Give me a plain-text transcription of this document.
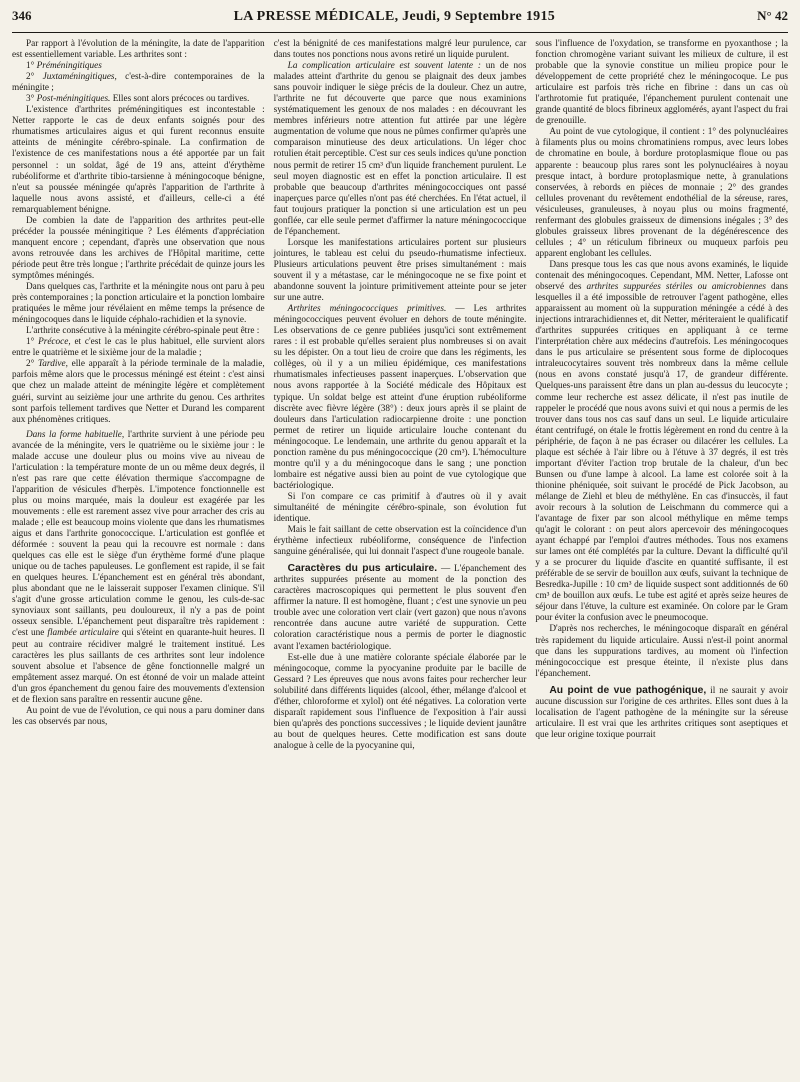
346	LA PRESSE MÉDICALE, Jeudi, 9 Septembre 1915	N° 42

Par rapport à l'évolution de la méningite, la date de l'apparition est essentiellement variable. Les arthrites sont :

1° Préméningitiques
2° Juxtaméningitiques, c'est-à-dire contemporaines de la méningite ;
3° Post-méningitiques. Elles sont alors précoces ou tardives.

L'existence d'arthrites préméningitiques est incontestable : Netter rapporte le cas de deux enfants soignés pour des rhumatismes articulaires aigus et qui furent reconnus ensuite atteints de méningite cérébro-spinale. La confirmation de l'existence de ces manifestations nous a été apportée par un fait personnel : un soldat, âgé de 19 ans, atteint d'érythème rubéoliforme et d'arthrite tibio-tarsienne à méningocoque bénigne, n'eut sa poussée méningée qu'après l'apparition de l'arthrite à laquelle nous avons assisté, et d'ailleurs, celle-ci a été remarquablement bénigne.

De combien la date de l'apparition des arthrites peut-elle précéder la poussée méningitique ? Les éléments d'appréciation manquent encore ; cependant, d'après une observation que nous avons retrouvée dans les archives de l'Hôpital maritime, cette période peut être très longue ; l'arthrite précédait de quinze jours les symptômes méningés.

Dans quelques cas, l'arthrite et la méningite nous ont paru à peu près contemporaines ; la ponction articulaire et la ponction lombaire pratiquées le même jour révélaient en même temps la présence de méningocoques dans le liquide céphalo-rachidien et la synovie.

L'arthrite consécutive à la méningite cérébro-spinale peut être :

1° Précoce, et c'est le cas le plus habituel, elle survient alors entre le quatrième et le sixième jour de la maladie ;
2° Tardive, elle apparaît à la période terminale de la maladie, parfois même alors que le processus méningé est éteint : c'est ainsi que chez un malade atteint de méningite légère et complètement guéri, survint au seizième jour une arthrite du genou. Ces arthrites sont parfois tellement tardives que Netter et Durand les comparent aux phénomènes critiques.

Dans la forme habituelle, l'arthrite survient à une période peu avancée de la méningite, vers le quatrième ou le sixième jour : le malade accuse une douleur plus ou moins vive au niveau de l'articulation : la température monte de un ou même deux degrés, il n'est pas rare que cette élévation thermique s'accompagne de l'apparition de vésicules d'herpès. L'impotence fonctionnelle est plus ou moins marquée, mais la douleur est exagérée par les mouvements : elle est rarement assez vive pour arracher des cris au malade ; elle est beaucoup moins violente que dans les rhumatismes aigus et dans l'arthrite gonococcique. L'articulation est gonflée et déformée : souvent la peau qui la recouvre est normale : dans quelques cas elle est le siège d'un érythème formé d'une plaque unique ou de taches papuleuses. Le gonflement est rapide, il se fait en quelques heures. L'épanchement est en général très abondant, plus abondant que ne le laisserait supposer l'examen clinique. S'il s'agit d'une grosse articulation comme le genou, les culs-de-sac synoviaux sont saillants, peu douloureux, il n'y a pas de point osseux sensible. L'épanchement peut disparaître très rapidement : c'est une flambée articulaire qui s'éteint en quarante-huit heures. Il peut au contraire récidiver malgré le traitement institué. Les caractères les plus saillants de ces arthrites sont leur indolence souvent absolue et l'absence de gêne fonctionnelle malgré un empâtement assez marqué. On est étonné de voir un malade atteint d'un gros épanchement du genou faire des mouvements d'extension et de flexion sans paraître en ressentir aucune gêne.

Au point de vue de l'évolution, ce qui nous a paru dominer dans les cas observés par nous,

c'est la bénignité de ces manifestations malgré leur purulence, car dans toutes nos ponctions nous avons retiré un liquide purulent.

La complication articulaire est souvent latente : un de nos malades atteint d'arthrite du genou se plaignait des deux jambes sans pouvoir indiquer le siège précis de la douleur. Chez un autre, l'arthrite ne fut découverte que parce que nous examinions systématiquement les genoux de nos malades : en découvrant les membres inférieurs notre attention fut attirée par une légère augmentation de volume que nous ne pûmes confirmer qu'après une comparaison minutieuse des deux articulations. Un léger choc rotulien était perceptible. C'est sur ces seuls indices qu'une ponction nous permit de retirer 15 cm³ d'un liquide franchement purulent. Le seul moyen diagnostic est en effet la ponction articulaire. Il est probable que beaucoup d'arthrites méningococciques ont passé inaperçues parce qu'elles n'ont pas été cherchées. En l'état actuel, il faut toujours pratiquer la ponction si une articulation est un peu gonflée, car elle seule permet d'affirmer la nature méningococcique de l'épanchement.

Lorsque les manifestations articulaires portent sur plusieurs jointures, le tableau est celui du pseudo-rhumatisme infectieux. Plusieurs articulations peuvent être prises simultanément : mais souvent il y a métastase, car le méningocoque ne se fixe point et abandonne souvent la jointure primitivement atteinte pour se jeter sur une autre.

Arthrites méningococciques primitives. — Les arthrites méningococciques peuvent évoluer en dehors de toute méningite. Les observations de ce genre publiées jusqu'ici sont extrêmement rares : il est probable qu'elles seraient plus nombreuses si on avait su les dépister. On a tout lieu de croire que dans les régiments, les collèges, où il y a un milieu épidémique, ces manifestations rhumatismales infectieuses passent inaperçues. L'observation que nous avons rapportée à la Société médicale des Hôpitaux est typique. Un soldat belge est atteint d'une éruption rubéoliforme discrète avec fièvre légère (38°) : deux jours après il se plaint de douleurs dans l'articulation radiocarpienne droite : une ponction permet de retirer un liquide articulaire louche contenant du méningocoque. Le lendemain, une arthrite du genou apparaît et la ponction ramène du pus méningococcique (20 cm³). L'hémoculture montre qu'il y a du méningocoque dans le sang ; une ponction lombaire est négative aussi bien au point de vue cytologique que bactériologique.

Si l'on compare ce cas primitif à d'autres où il y avait simultanéité de méningite cérébro-spinale, son évolution fut identique.

Mais le fait saillant de cette observation est la coïncidence d'un érythème infectieux rubéoliforme, conséquence de l'infection sanguine généralisée, qui lui donnait l'aspect d'une rougeole banale.

Caractères du pus articulaire. — L'épanchement des arthrites suppurées présente au moment de la ponction des caractères macroscopiques qui permettent le plus souvent d'en affirmer la nature. Il est homogène, fluant ; c'est une synovie un peu trouble avec une coloration vert clair (vert gazon) que nous n'avons rencontrée dans aucune autre variété de suppuration. Cette coloration caractéristique nous a permis de porter le diagnostic avant l'examen bactériologique.

Est-elle due à une matière colorante spéciale élaborée par le méningocoque, comme la pyocyanine produite par le bacille de Gessard ? Les épreuves que nous avons faites pour rechercher leur solubilité dans différents liquides (alcool, éther, mélange d'alcool et d'éther, chloroforme et xylol) ont été négatives. La coloration verte disparaît rapidement sous l'influence de l'exposition à l'air aussi bien qu'après des ponctions successives ; le liquide devient jaunâtre au bout de quelques heures. Cette modification est sans doute analogue à celle de la pyocyanine qui,

sous l'influence de l'oxydation, se transforme en pyoxanthose ; la fonction chromogène variant suivant les milieux de culture, il est probable que la synovie constitue un milieu propice pour le développement de cette propriété chez le méningocoque. Le pus articulaire est parfois très riche en fibrine : dans un cas où l'arthrotomie fut pratiquée, l'épanchement purulent contenait une grande quantité de blocs fibrineux agglomérés, ayant l'aspect du frai de grenouille.

Au point de vue cytologique, il contient : 1° des polynucléaires à filaments plus ou moins chromatiniens rompus, avec leurs lobes de chromatine en boule, à bordure protoplasmique floue ou pas apparente : beaucoup plus rares sont les polynucléaires à noyau presque intact, à bordure protoplasmique nette, à granulations conservées, à rebords en pièces de monnaie ; 2° des grandes cellules provenant du revêtement endothélial de la séreuse, rares, vésiculeuses, granuleuses, à noyau plus ou moins fragmenté, renfermant des globules graisseux de dimensions inégales ; 3° des globules graisseux libres provenant de la dégénérescence des cellules ; 4° un réticulum fibrineux ou muqueux parfois peu apparent englobant les cellules.

Dans presque tous les cas que nous avons examinés, le liquide contenait des méningocoques. Cependant, MM. Netter, Lafosse ont observé des arthrites suppurées stériles ou amicrobiennes dans lesquelles il a été impossible de retrouver l'agent pathogène, elles apparaissent au moment où la suppuration méningée a cédé à des injections intrarachidiennes et, dit Netter, mériteraient le qualificatif d'arthrites suppurées critiques en appliquant à ce terme l'interprétation chère aux médecins d'autrefois. Les méningocoques dans le pus articulaire se présentent sous forme de diplocoques intraleucocytaires souvent très nombreux dans la même cellule (nous en avons constaté jusqu'à 17, de grandeur différente. Quelques-uns paraissent être dans un plan au-dessus du leucocyte ; comme leur recherche est assez délicate, il n'est pas inutile de rappeler le procédé que nous avons suivi et qui nous a permis de les trouver dans tous nos cas sauf dans un seul. Le liquide articulaire étant centrifugé, on étale le frottis légèrement en rond du centre à la périphérie, de façon à ne pas écraser ou dilacérer les cellules. La plaque est séchée à l'air libre ou à l'étuve à 37 degrés, il est très important d'éviter l'action trop brutale de la chaleur, d'un bec Bunsen ou d'une lampe à alcool. La lame est colorée soit à la thionine phéniquée, soit suivant le procédé de Pick Jacobson, au mélange de Ziehl et bleu de méthylène. En cas d'insuccès, il faut avoir recours à la solution de Leischmann du commerce qui a l'avantage de fixer par son alcool méthylique en même temps qu'agit le colorant : on peut alors apercevoir des méningocoques ayant échappé par l'emploi d'autres méthodes. Tous nos examens sur lames ont été complétés par la culture. Devant la difficulté qu'il y a se procurer du liquide d'ascite en quantité suffisante, il est préférable de se servir de bouillon aux œufs, suivant la technique de Besredka-Jupille : 10 cm³ de liquide suspect sont additionnés de 60 cm³ de bouillon aux œufs. Le tube est agité et après seize heures de séjour dans l'étuve, la culture est examinée. On colore par le Gram pour éviter la confusion avec le pneumocoque.

D'après nos recherches, le méningocoque disparaît en général très rapidement du liquide articulaire. Aussi n'est-il point anormal que dans les suppurations tardives, au moment où l'infection méningococcique est presque éteinte, il n'existe plus dans l'épanchement.

Au point de vue pathogénique, il ne saurait y avoir aucune discussion sur l'origine de ces arthrites. Elles sont dues à la localisation de l'agent pathogène de la méningite sur la séreuse articulaire. Il est vrai que les arthrites critiques sont aseptiques et que leur origine toxique pourrait
